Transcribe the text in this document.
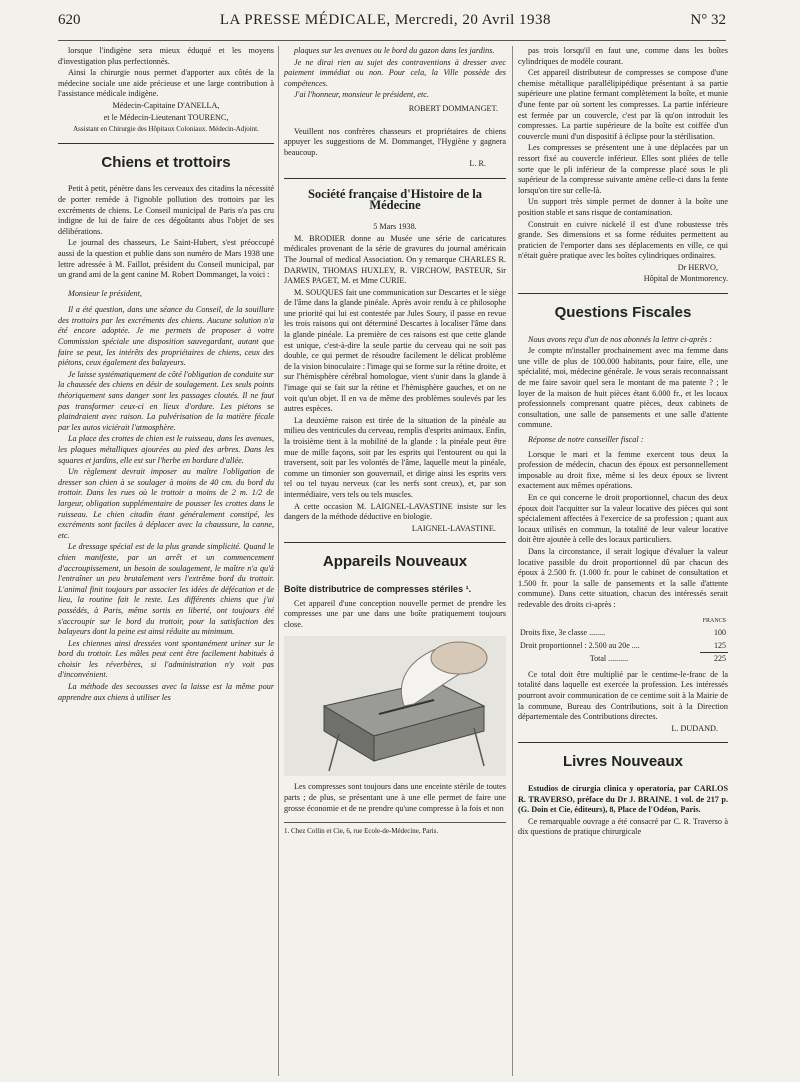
620	LA PRESSE MÉDICALE, Mercredi, 20 Avril 1938	N° 32

lorsque l'indigène sera mieux éduqué et les moyens d'investigation plus perfectionnés.

Ainsi la chirurgie nous permet d'apporter aux côtés de la médecine sociale une aide précieuse et une large contribution à l'assistance médicale indigène.

Médecin-Capitaine D'ANELLA,

et le Médecin-Lieutenant TOURENC,

Assistant en Chirurgie des Hôpitaux Coloniaux. Médecin-Adjoint.

Chiens et trottoirs

Petit à petit, pénètre dans les cerveaux des citadins la nécessité de porter remède à l'ignoble pollution des trottoirs par les excréments de chiens. Le Conseil municipal de Paris n'a pas cru indigne de lui de faire de ces dégoûtants abus l'objet de ses délibérations.

Le journal des chasseurs, Le Saint-Hubert, s'est préoccupé aussi de la question et publie dans son numéro de Mars 1938 une lettre adressée à M. Faillot, président du Conseil municipal, par un grand ami de la gent canine M. Robert Dommanget, la voici :

Monsieur le président,

Il a été question, dans une séance du Conseil, de la souillure des trottoirs par les excréments des chiens. Aucune solution n'a été encore adoptée. Je me permets de proposer à votre Commission spéciale une disposition sauvegardant, autant que faire se peut, les intérêts des propriétaires de chiens, ceux des piétons, ceux également des balayeurs.

Je laisse systématiquement de côté l'obligation de conduite sur la chaussée des chiens en désir de soulagement. Les seuls points théoriquement sans danger sont les passages cloutés. Il ne faut pas transformer ceux-ci en lieux d'ordure. Les piétons se plaindraient avec raison. La pulvérisation de la matière fécale par les autos viciérait l'atmosphère.

La place des crottes de chien est le ruisseau, dans les avenues, les plaques métalliques ajourées au pied des arbres. Dans les squares et jardins, elle est sur l'herbe en bordure d'allée.

Un règlement devrait imposer au maître l'obligation de dresser son chien à se soulager à moins de 40 cm. du bord du trottoir. Dans les rues où le trottoir a moins de 2 m. 1/2 de largeur, obligation supplémentaire de pousser les crottes dans le ruisseau. Le chien citadin étant généralement constipé, les excréments sont faciles à déplacer avec la chaussure, la canne, etc.

Le dressage spécial est de la plus grande simplicité. Quand le chien manifeste, par un arrêt et un commencement d'accroupissement, un besoin de soulagement, le maître n'a qu'à l'entraîner un peu brutalement vers l'extrême bord du trottoir. L'animal finit toujours par associer les idées de défécation et de lieu, la routine fait le reste. Les différents chiens que j'ai possédés, à Paris, même sortis en liberté, ont toujours été s'accroupir sur le bord du trottoir, pour la satisfaction des balayeurs dont la peine est ainsi réduite au minimum.

Les chiennes ainsi dressées vont spontanément uriner sur le bord du trottoir. Les mâles peut cent être facilement habitués à choisir les réverbères, si l'administration n'y voit pas d'inconvénient.

La méthode des secousses avec la laisse est la même pour apprendre aux chiens à utiliser les

plaques sur les avenues ou le bord du gazon dans les jardins.

Je ne dirai rien au sujet des contraventions à dresser avec paiement immédiat ou non. Pour cela, la Ville possède des compétences.

J'ai l'honneur, monsieur le président, etc.

ROBERT DOMMANGET.

Veuillent nos confrères chasseurs et propriétaires de chiens appuyer les suggestions de M. Dommanget, l'Hygiène y gagnera beaucoup.

L. R.

Société française d'Histoire de la Médecine

5 Mars 1938.

M. BRODIER donne au Musée une série de caricatures médicales provenant de la série de gravures du journal américain The Journal of medical Association. On y remarque CHARLES R. DARWIN, THOMAS HUXLEY, R. VIRCHOW, PASTEUR, Sir JAMES PAGET, M. et Mme CURIE.

M. SOUQUES fait une communication sur Descartes et le siège de l'âme dans la glande pinéale. Après avoir rendu à ce philosophe une priorité qui lui est contestée par Jules Soury, il passe en revue les trois raisons qui ont déterminé Descartes à localiser l'âme dans la glande pinéale. La première de ces raisons est que cette glande est unique, c'est-à-dire la seule partie du cerveau qui ne soit pas double, ce qui permet de résoudre facilement le délicat problème de la vision binoculaire : l'image qui se forme sur la rétine droite, et sur l'hémisphère cérébral homologue, vient s'unir dans la glande à l'image qui se fait sur la rétine et l'hémisphère gauches, et on ne voit qu'un objet. Il en va de même des problèmes soulevés par les autres espèces.

La deuxième raison est tirée de la situation de la pinéale au milieu des ventricules du cerveau, remplis d'esprits animaux. Enfin, la troisième tient à la mobilité de la glande : la pinéale peut être mue de mille façons, soit par les esprits qui l'entourent ou qui la traversent, soit par les volontés de l'âme, laquelle meut la pinéale, comme un timonier son gouvernail, et dirige ainsi les esprits vers tel ou tel tuyau nerveux (car les nerfs sont creux), et, par son intermédiaire, vers tels ou tels muscles.

A cette occasion M. LAIGNEL-LAVASTINE insiste sur les dangers de la méthode déductive en biologie.

LAIGNEL-LAVASTINE.

Appareils Nouveaux

Boîte distributrice de compresses stériles ¹.

Cet appareil d'une conception nouvelle permet de prendre les compresses une par une dans une boîte pratiquement toujours close.

Les compresses sont toujours dans une enceinte stérile de toutes parts ; de plus, se présentant une à une elle permet de faire une grosse économie et de ne prendre qu'une compresse à la fois et non

1. Chez Collin et Cie, 6, rue Ecole-de-Médecine, Paris.

pas trois lorsqu'il en faut une, comme dans les boîtes cylindriques de modèle courant.

Cet appareil distributeur de compresses se compose d'une chemise métallique parallélipipédique présentant à sa partie supérieure une platine fermant complètement la boîte, et munie d'une fente par où sortent les compresses. La partie inférieure est fermée par un couvercle, c'est par là qu'on introduit les compresses. La partie supérieure de la boîte est coiffée d'un couvercle muni d'un dispositif à éclipse pour la stérilisation.

Les compresses se présentent une à une déplacées par un ressort fixé au couvercle inférieur. Elles sont pliées de telle sorte que le pli inférieur de la compresse placé sous le pli supérieur de la compresse suivante amène celle-ci dans la fente lorsqu'on tire sur celle-là.

Un support très simple permet de donner à la boîte une position stable et sans risque de contamination.

Construit en cuivre nickelé il est d'une robustesse très grande. Ses dimensions et sa forme réduites permettent au praticien de l'emporter dans ses déplacements en ville, ce qui n'était guère pratique avec les boîtes cylindriques ordinaires.

Dr HERVO,

Hôpital de Montmorency.

Questions Fiscales

Nous avons reçu d'un de nos abonnés la lettre ci-après :

Je compte m'installer prochainement avec ma femme dans une ville de plus de 100.000 habitants, pour faire, elle, une spécialité, moi, médecine générale. Je vous serais reconnaissant de me faire savoir quel sera le montant de ma patente ? ; le loyer de la maison de huit pièces étant 6.000 fr., et les locaux professionnels comprenant quatre pièces, deux cabinets de consultation, une salle de pansements et une salle d'attente commune.

Réponse de notre conseiller fiscal :

Lorsque le mari et la femme exercent tous deux la profession de médecin, chacun des époux est personnellement imposable au droit fixe, même si les deux époux se livrent exactement aux mêmes opérations.

En ce qui concerne le droit proportionnel, chacun des deux époux doit l'acquitter sur la valeur locative des pièces qui sont spécialement affectées à l'exercice de sa profession ; quant aux locaux utilisés en commun, la totalité de leur valeur locative doit être ajoutée à celle des locaux particuliers.

Dans la circonstance, il serait logique d'évaluer la valeur locative passible du droit proportionnel dû par chacun des époux à 2.500 fr. (1.000 fr. pour le cabinet de consultation et 1.500 fr. pour la salle de pansements et la salle d'attente commune). Dans cette situation, chacun des intéressés serait redevable des droits ci-après :

	FRANCS
Droits fixe, 3e classe ........	100
Droit proportionnel : 2.500 au 20e ....	125
Total ..........	225

Ce total doit être multiplié par le centime-le-franc de la totalité dans laquelle est exercée la profession. Les intéressés pourront avoir communication de ce centime soit à la Mairie de la commune, Bureau des Contributions, soit à la Direction départementale des Contributions directes.

L. DUDAND.

Livres Nouveaux

Estudios de cirurgia clinica y operatoria, par CARLOS R. TRAVERSO, préface du Dr J. BRAINE. 1 vol. de 217 p. (G. Doin et Cie, éditeurs), 8, Place de l'Odéon, Paris.

Ce remarquable ouvrage a été consacré par C. R. Traverso à dix questions de pratique chirurgicale
